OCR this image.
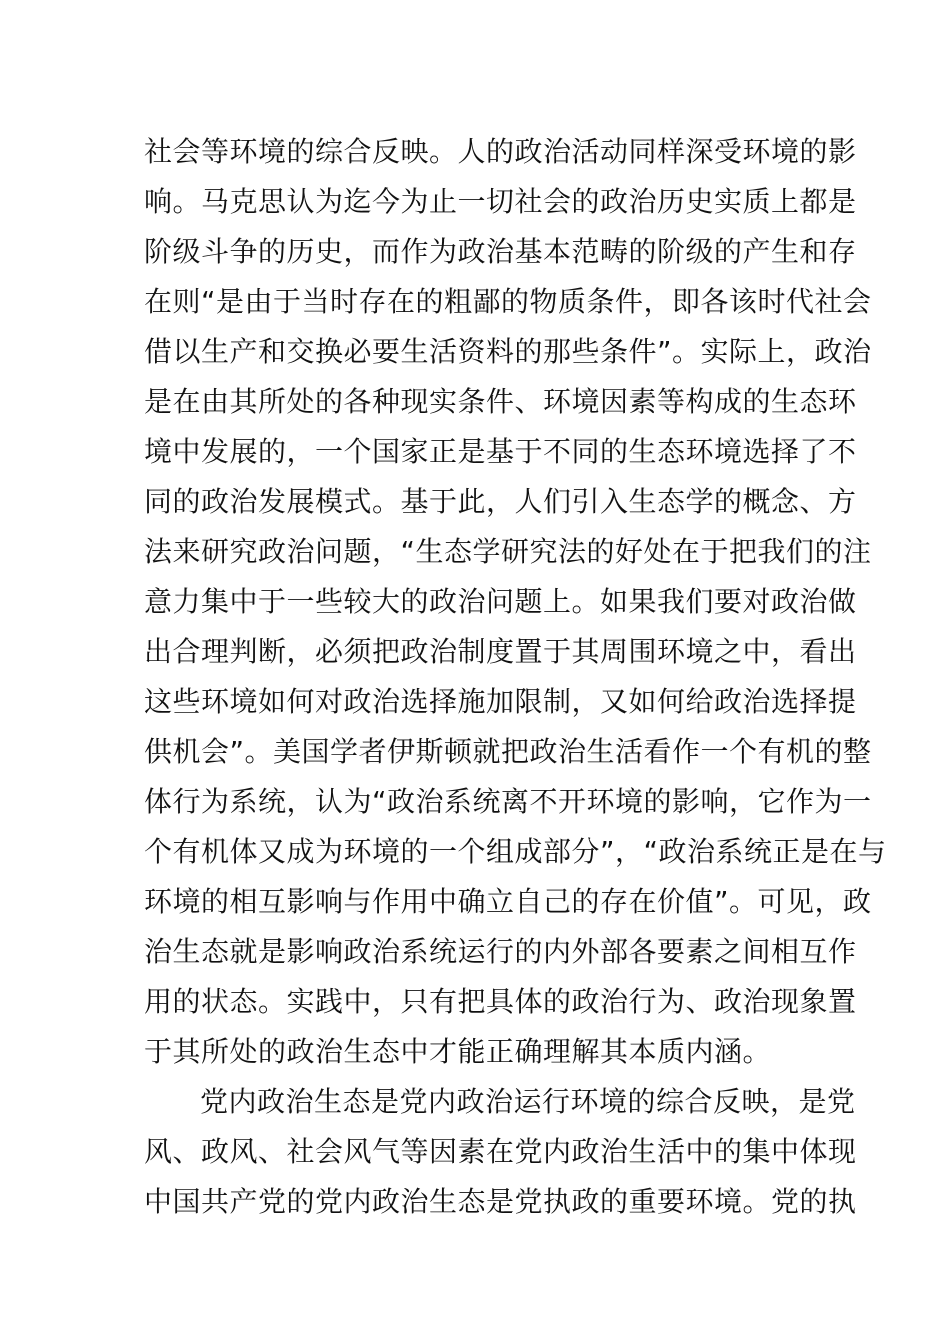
社会等环境的综合反映。人的政治活动同样深受环境的影
响。马克思认为迄今为止一切社会的政治历史实质上都是
阶级斗争的历史，而作为政治基本范畴的阶级的产生和存
在则“是由于当时存在的粗鄙的物质条件，即各该时代社会
借以生产和交换必要生活资料的那些条件”。实际上，政治
是在由其所处的各种现实条件、环境因素等构成的生态环
境中发展的，一个国家正是基于不同的生态环境选择了不
同的政治发展模式。基于此，人们引入生态学的概念、方
法来研究政治问题，“生态学研究法的好处在于把我们的注
意力集中于一些较大的政治问题上。如果我们要对政治做
出合理判断，必须把政治制度置于其周围环境之中，看出
这些环境如何对政治选择施加限制，又如何给政治选择提
供机会”。美国学者伊斯顿就把政治生活看作一个有机的整
体行为系统，认为“政治系统离不开环境的影响，它作为一
个有机体又成为环境的一个组成部分”，“政治系统正是在与
环境的相互影响与作用中确立自己的存在价值”。可见，政
治生态就是影响政治系统运行的内外部各要素之间相互作
用的状态。实践中，只有把具体的政治行为、政治现象置
于其所处的政治生态中才能正确理解其本质内涵。
党内政治生态是党内政治运行环境的综合反映，是党
风、政风、社会风气等因素在党内政治生活中的集中体现
中国共产党的党内政治生态是党执政的重要环境。党的执
